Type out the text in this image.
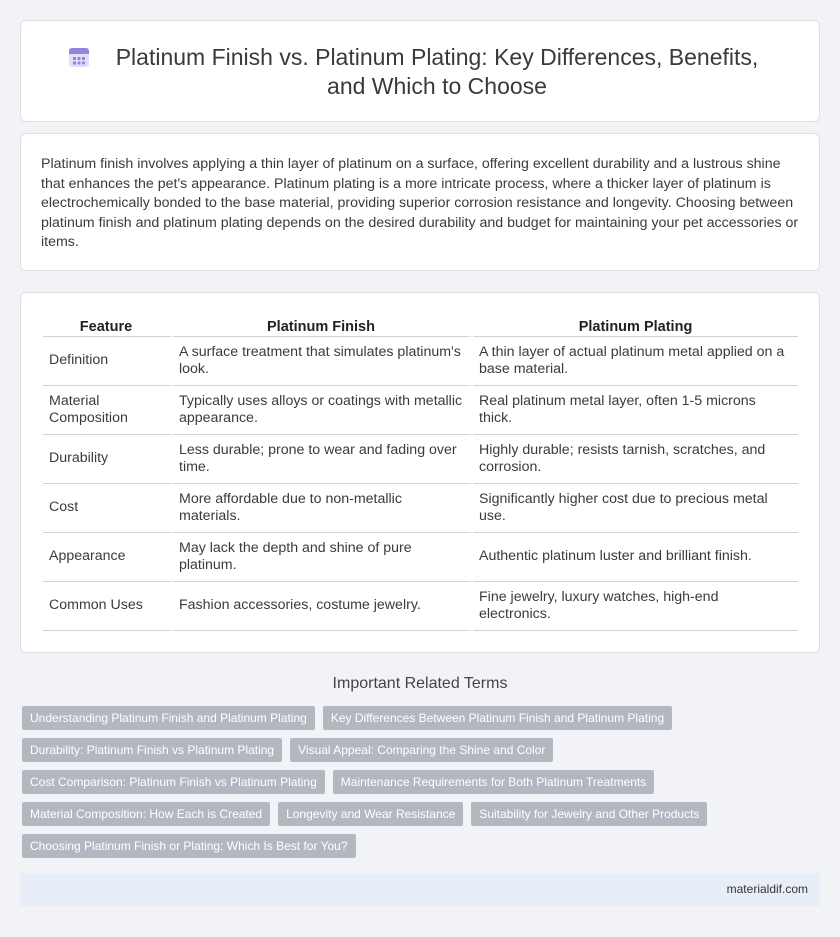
Platinum Finish vs. Platinum Plating: Key Differences, Benefits, and Which to Choose

Platinum finish involves applying a thin layer of platinum on a surface, offering excellent durability and a lustrous shine that enhances the pet's appearance. Platinum plating is a more intricate process, where a thicker layer of platinum is electrochemically bonded to the base material, providing superior corrosion resistance and longevity. Choosing between platinum finish and platinum plating depends on the desired durability and budget for maintaining your pet accessories or items.

Feature	Platinum Finish	Platinum Plating
Definition	A surface treatment that simulates platinum's look.	A thin layer of actual platinum metal applied on a base material.
Material Composition	Typically uses alloys or coatings with metallic appearance.	Real platinum metal layer, often 1-5 microns thick.
Durability	Less durable; prone to wear and fading over time.	Highly durable; resists tarnish, scratches, and corrosion.
Cost	More affordable due to non-metallic materials.	Significantly higher cost due to precious metal use.
Appearance	May lack the depth and shine of pure platinum.	Authentic platinum luster and brilliant finish.
Common Uses	Fashion accessories, costume jewelry.	Fine jewelry, luxury watches, high-end electronics.
Important Related Terms
Understanding Platinum Finish and Platinum Plating	Key Differences Between Platinum Finish and Platinum Plating
Durability: Platinum Finish vs Platinum Plating	Visual Appeal: Comparing the Shine and Color
Cost Comparison: Platinum Finish vs Platinum Plating	Maintenance Requirements for Both Platinum Treatments
Material Composition: How Each is Created	Longevity and Wear Resistance	Suitability for Jewelry and Other Products
Choosing Platinum Finish or Plating: Which Is Best for You?
materialdif.com
